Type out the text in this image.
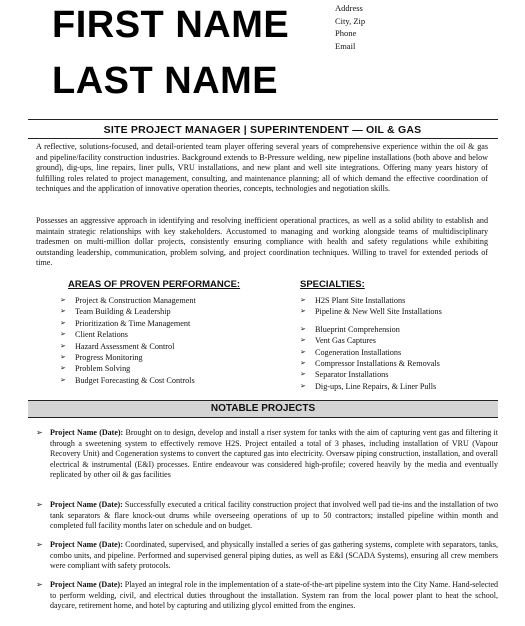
FIRST NAME
LAST NAME
Address
City, Zip
Phone
Email
SITE PROJECT MANAGER | SUPERINTENDENT — OIL & GAS
A reflective, solutions-focused, and detail-oriented team player offering several years of comprehensive experience within the oil & gas and pipeline/facility construction industries. Background extends to B-Pressure welding, new pipeline installations (both above and below ground), dig-ups, line repairs, liner pulls, VRU installations, and new plant and well site integrations. Offering many years history of fulfilling roles related to project management, consulting, and maintenance planning; all of which demand the effective coordination of techniques and the application of innovative operation theories, concepts, technologies and negotiation skills.
Possesses an aggressive approach in identifying and resolving inefficient operational practices, as well as a solid ability to establish and maintain strategic relationships with key stakeholders. Accustomed to managing and working alongside teams of multidisciplinary tradesmen on multi-million dollar projects, consistently ensuring compliance with health and safety regulations while exhibiting outstanding leadership, communication, problem solving, and project coordination techniques. Willing to travel for extended periods of time.
AREAS OF PROVEN PERFORMANCE:
➢ Project & Construction Management
➢ Team Building & Leadership
➢ Prioritization & Time Management
➢ Client Relations
➢ Hazard Assessment & Control
➢ Progress Monitoring
➢ Problem Solving
➢ Budget Forecasting & Cost Controls
SPECIALTIES:
➢ H2S Plant Site Installations
➢ Pipeline & New Well Site Installations
➢ Blueprint Comprehension
➢ Vent Gas Captures
➢ Cogeneration Installations
➢ Compressor Installations & Removals
➢ Separator Installations
➢ Dig-ups, Line Repairs, & Liner Pulls
NOTABLE PROJECTS
➢ Project Name (Date): Brought on to design, develop and install a riser system for tanks with the aim of capturing vent gas and filtering it through a sweetening system to effectively remove H2S. Project entailed a total of 3 phases, including installation of VRU (Vapour Recovery Unit) and Cogeneration systems to convert the captured gas into electricity. Oversaw piping construction, installation, and overall electrical & instrumental (E&I) processes. Entire endeavour was considered high-profile; covered heavily by the media and eventually replicated by other oil & gas facilities
➢ Project Name (Date): Successfully executed a critical facility construction project that involved well pad tie-ins and the installation of two tank separators & flare knock-out drums while overseeing operations of up to 50 contractors; installed pipeline within month and completed full facility months later on schedule and on budget.
➢ Project Name (Date): Coordinated, supervised, and physically installed a series of gas gathering systems, complete with separators, tanks, combo units, and pipeline. Performed and supervised general piping duties, as well as E&I (SCADA Systems), ensuring all crew members were compliant with safety protocols.
➢ Project Name (Date): Played an integral role in the implementation of a state-of-the-art pipeline system into the City Name. Hand-selected to perform welding, civil, and electrical duties throughout the installation. System ran from the local power plant to heat the school, daycare, retirement home, and hotel by capturing and utilizing glycol emitted from the engines.
